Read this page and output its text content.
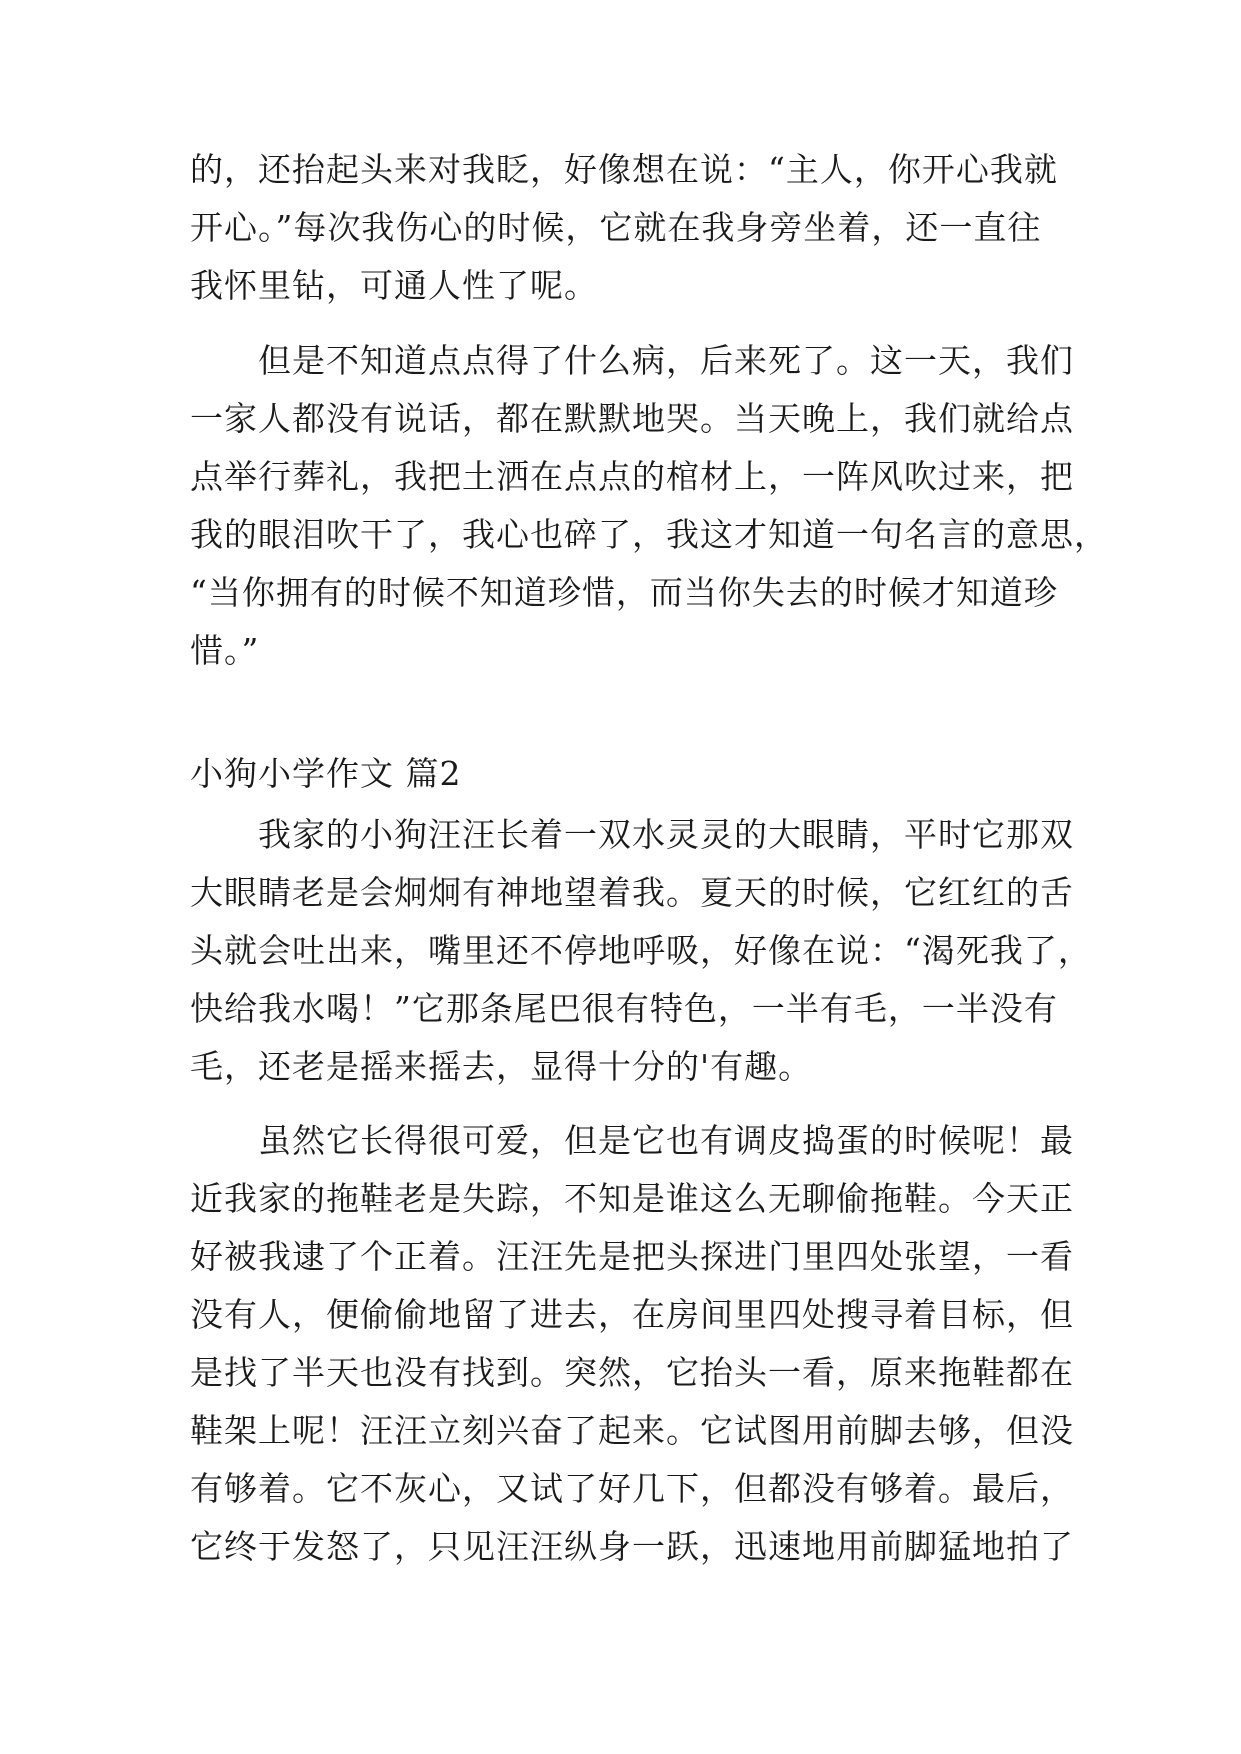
的，还抬起头来对我眨，好像想在说：“主人，你开心我就
开心。”每次我伤心的时候，它就在我身旁坐着，还一直往
我怀里钻，可通人性了呢。
　　但是不知道点点得了什么病，后来死了。这一天，我们
一家人都没有说话，都在默默地哭。当天晚上，我们就给点
点举行葬礼，我把土洒在点点的棺材上，一阵风吹过来，把
我的眼泪吹干了，我心也碎了，我这才知道一句名言的意思，
“当你拥有的时候不知道珍惜，而当你失去的时候才知道珍
惜。”
小狗小学作文 篇2
　　我家的小狗汪汪长着一双水灵灵的大眼睛，平时它那双
大眼睛老是会炯炯有神地望着我。夏天的时候，它红红的舌
头就会吐出来，嘴里还不停地呼吸，好像在说：“渴死我了，
快给我水喝！”它那条尾巴很有特色，一半有毛，一半没有
毛，还老是摇来摇去，显得十分的'有趣。
　　虽然它长得很可爱，但是它也有调皮捣蛋的时候呢！最
近我家的拖鞋老是失踪，不知是谁这么无聊偷拖鞋。今天正
好被我逮了个正着。汪汪先是把头探进门里四处张望，一看
没有人，便偷偷地留了进去，在房间里四处搜寻着目标，但
是找了半天也没有找到。突然，它抬头一看，原来拖鞋都在
鞋架上呢！汪汪立刻兴奋了起来。它试图用前脚去够，但没
有够着。它不灰心，又试了好几下，但都没有够着。最后，
它终于发怒了，只见汪汪纵身一跃，迅速地用前脚猛地拍了
